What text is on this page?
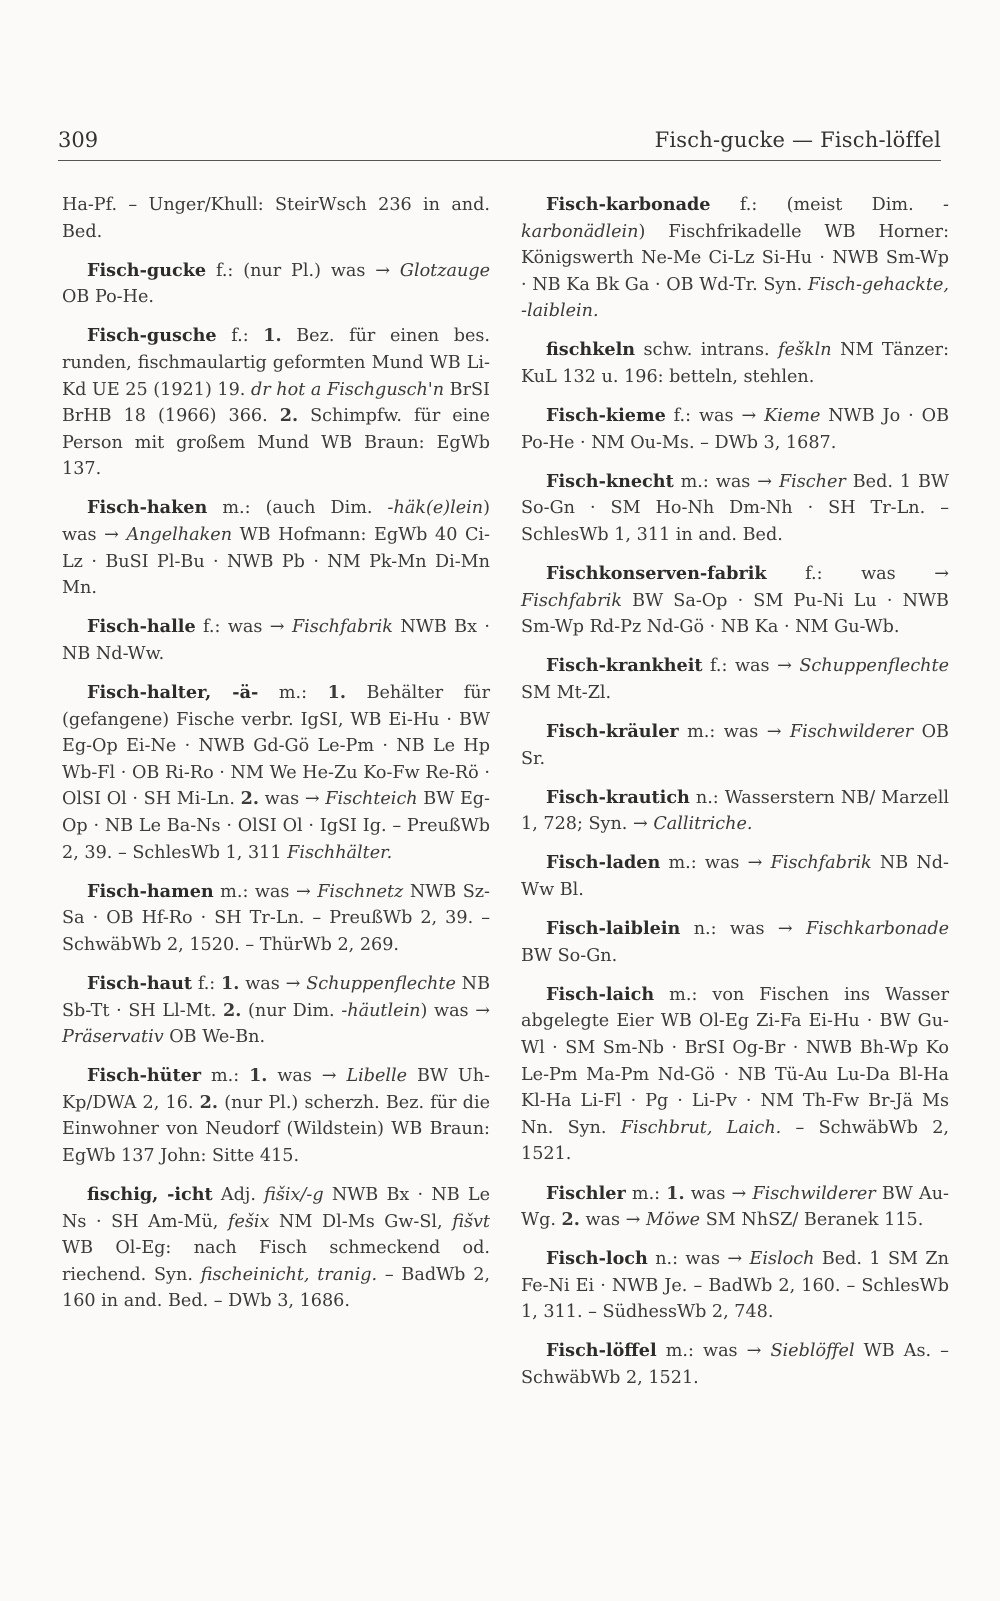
309	Fisch-gucke — Fisch-löffel

Ha-Pf. – Unger/Khull: SteirWsch 236 in and. Bed.

Fisch-gucke f.: (nur Pl.) was → Glotzauge OB Po-He.

Fisch-gusche f.: 1. Bez. für einen bes. runden, fischmaulartig geformten Mund WB Li-Kd UE 25 (1921) 19. dr hot a Fischgusch'n BrSI BrHB 18 (1966) 366. 2. Schimpfw. für eine Person mit großem Mund WB Braun: EgWb 137.

Fisch-haken m.: (auch Dim. -häk(e)lein) was → Angelhaken WB Hofmann: EgWb 40 Ci-Lz · BuSI Pl-Bu · NWB Pb · NM Pk-Mn Di-Mn Mn.

Fisch-halle f.: was → Fischfabrik NWB Bx · NB Nd-Ww.

Fisch-halter, -ä- m.: 1. Behälter für (gefangene) Fische verbr. IgSI, WB Ei-Hu · BW Eg-Op Ei-Ne · NWB Gd-Gö Le-Pm · NB Le Hp Wb-Fl · OB Ri-Ro · NM We He-Zu Ko-Fw Re-Rö · OlSI Ol · SH Mi-Ln. 2. was → Fischteich BW Eg-Op · NB Le Ba-Ns · OlSI Ol · IgSI Ig. – PreußWb 2, 39. – SchlesWb 1, 311 Fischhälter.

Fisch-hamen m.: was → Fischnetz NWB Sz-Sa · OB Hf-Ro · SH Tr-Ln. – PreußWb 2, 39. – SchwäbWb 2, 1520. – ThürWb 2, 269.

Fisch-haut f.: 1. was → Schuppenflechte NB Sb-Tt · SH Ll-Mt. 2. (nur Dim. -häutlein) was → Präservativ OB We-Bn.

Fisch-hüter m.: 1. was → Libelle BW Uh-Kp/DWA 2, 16. 2. (nur Pl.) scherzh. Bez. für die Einwohner von Neudorf (Wildstein) WB Braun: EgWb 137 John: Sitte 415.

fischig, -icht Adj. fišix/-g NWB Bx · NB Le Ns · SH Am-Mü, fešix NM Dl-Ms Gw-Sl, fišvt WB Ol-Eg: nach Fisch schmeckend od. riechend. Syn. fischeinicht, tranig. – BadWb 2, 160 in and. Bed. – DWb 3, 1686.

Fisch-karbonade f.: (meist Dim. -karbonädlein) Fischfrikadelle WB Horner: Königswerth Ne-Me Ci-Lz Si-Hu · NWB Sm-Wp · NB Ka Bk Ga · OB Wd-Tr. Syn. Fisch-gehackte, -laiblein.

fischkeln schw. intrans. feškln NM Tänzer: KuL 132 u. 196: betteln, stehlen.

Fisch-kieme f.: was → Kieme NWB Jo · OB Po-He · NM Ou-Ms. – DWb 3, 1687.

Fisch-knecht m.: was → Fischer Bed. 1 BW So-Gn · SM Ho-Nh Dm-Nh · SH Tr-Ln. – SchlesWb 1, 311 in and. Bed.

Fischkonserven-fabrik f.: was → Fischfabrik BW Sa-Op · SM Pu-Ni Lu · NWB Sm-Wp Rd-Pz Nd-Gö · NB Ka · NM Gu-Wb.

Fisch-krankheit f.: was → Schuppenflechte SM Mt-Zl.

Fisch-kräuler m.: was → Fischwilderer OB Sr.

Fisch-krautich n.: Wasserstern NB/ Marzell 1, 728; Syn. → Callitriche.

Fisch-laden m.: was → Fischfabrik NB Nd-Ww Bl.

Fisch-laiblein n.: was → Fischkarbonade BW So-Gn.

Fisch-laich m.: von Fischen ins Wasser abgelegte Eier WB Ol-Eg Zi-Fa Ei-Hu · BW Gu-Wl · SM Sm-Nb · BrSI Og-Br · NWB Bh-Wp Ko Le-Pm Ma-Pm Nd-Gö · NB Tü-Au Lu-Da Bl-Ha Kl-Ha Li-Fl · Pg · Li-Pv · NM Th-Fw Br-Jä Ms Nn. Syn. Fischbrut, Laich. – SchwäbWb 2, 1521.

Fischler m.: 1. was → Fischwilderer BW Au-Wg. 2. was → Möwe SM NhSZ/ Beranek 115.

Fisch-loch n.: was → Eisloch Bed. 1 SM Zn Fe-Ni Ei · NWB Je. – BadWb 2, 160. – SchlesWb 1, 311. – SüdhessWb 2, 748.

Fisch-löffel m.: was → Sieblöffel WB As. – SchwäbWb 2, 1521.
